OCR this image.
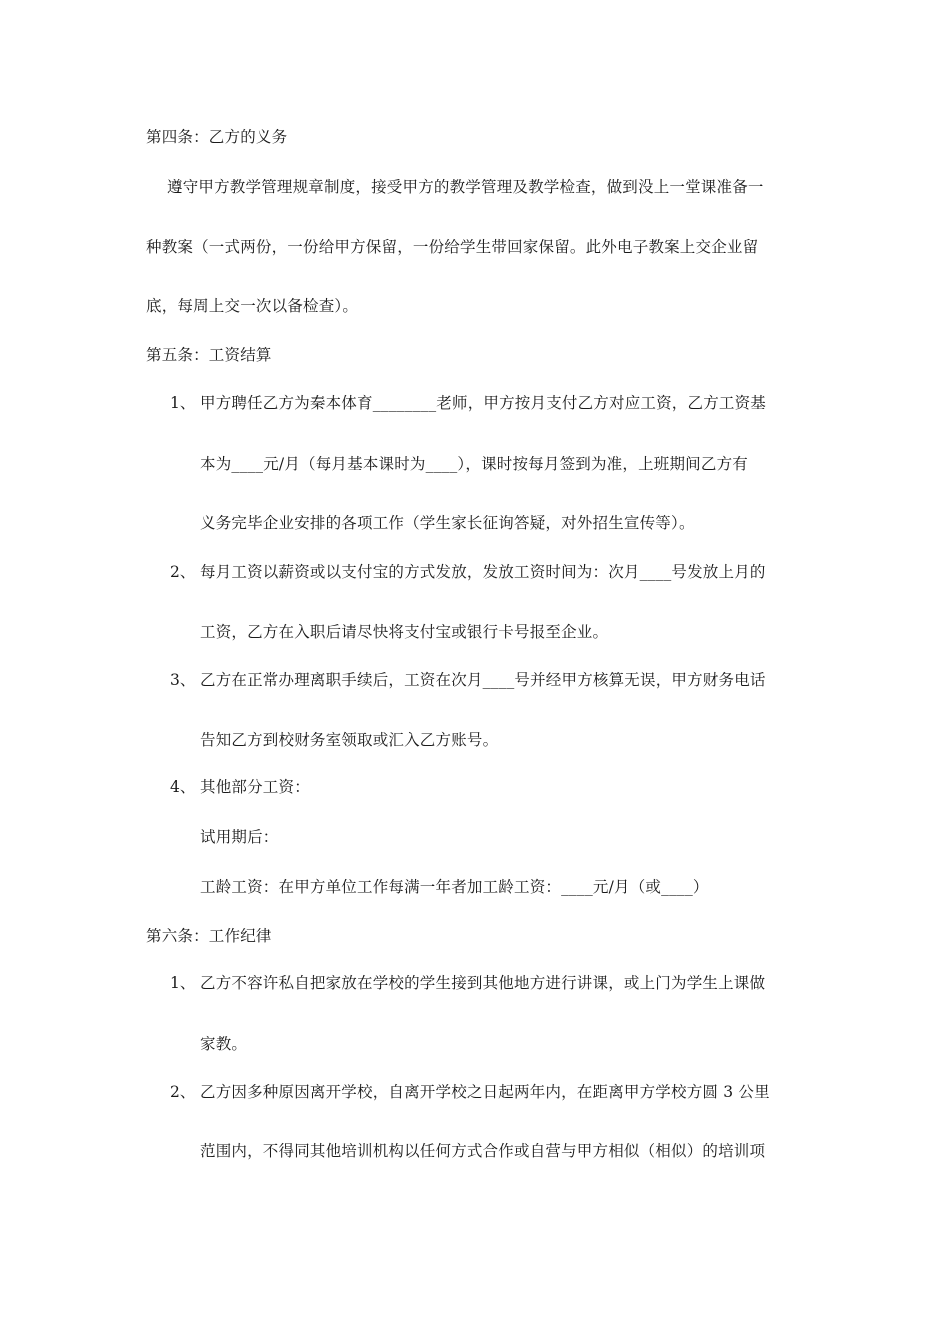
第四条：乙方的义务
遵守甲方教学管理规章制度，接受甲方的教学管理及教学检查，做到没上一堂课准备一
种教案（一式两份，一份给甲方保留，一份给学生带回家保留。此外电子教案上交企业留
底，每周上交一次以备检查）。
第五条：工资结算
1、 甲方聘任乙方为秦本体育________老师，甲方按月支付乙方对应工资，乙方工资基
本为____元/月（每月基本课时为____），课时按每月签到为准，上班期间乙方有
义务完毕企业安排的各项工作（学生家长征询答疑，对外招生宣传等）。
2、 每月工资以薪资或以支付宝的方式发放，发放工资时间为：次月____号发放上月的
工资，乙方在入职后请尽快将支付宝或银行卡号报至企业。
3、 乙方在正常办理离职手续后，工资在次月____号并经甲方核算无误，甲方财务电话
告知乙方到校财务室领取或汇入乙方账号。
4、 其他部分工资：
试用期后：
工龄工资：在甲方单位工作每满一年者加工龄工资：____元/月（或____）
第六条：工作纪律
1、 乙方不容许私自把家放在学校的学生接到其他地方进行讲课，或上门为学生上课做
家教。
2、 乙方因多种原因离开学校，自离开学校之日起两年内，在距离甲方学校方圆 3 公里
范围内，不得同其他培训机构以任何方式合作或自营与甲方相似（相似）的培训项
